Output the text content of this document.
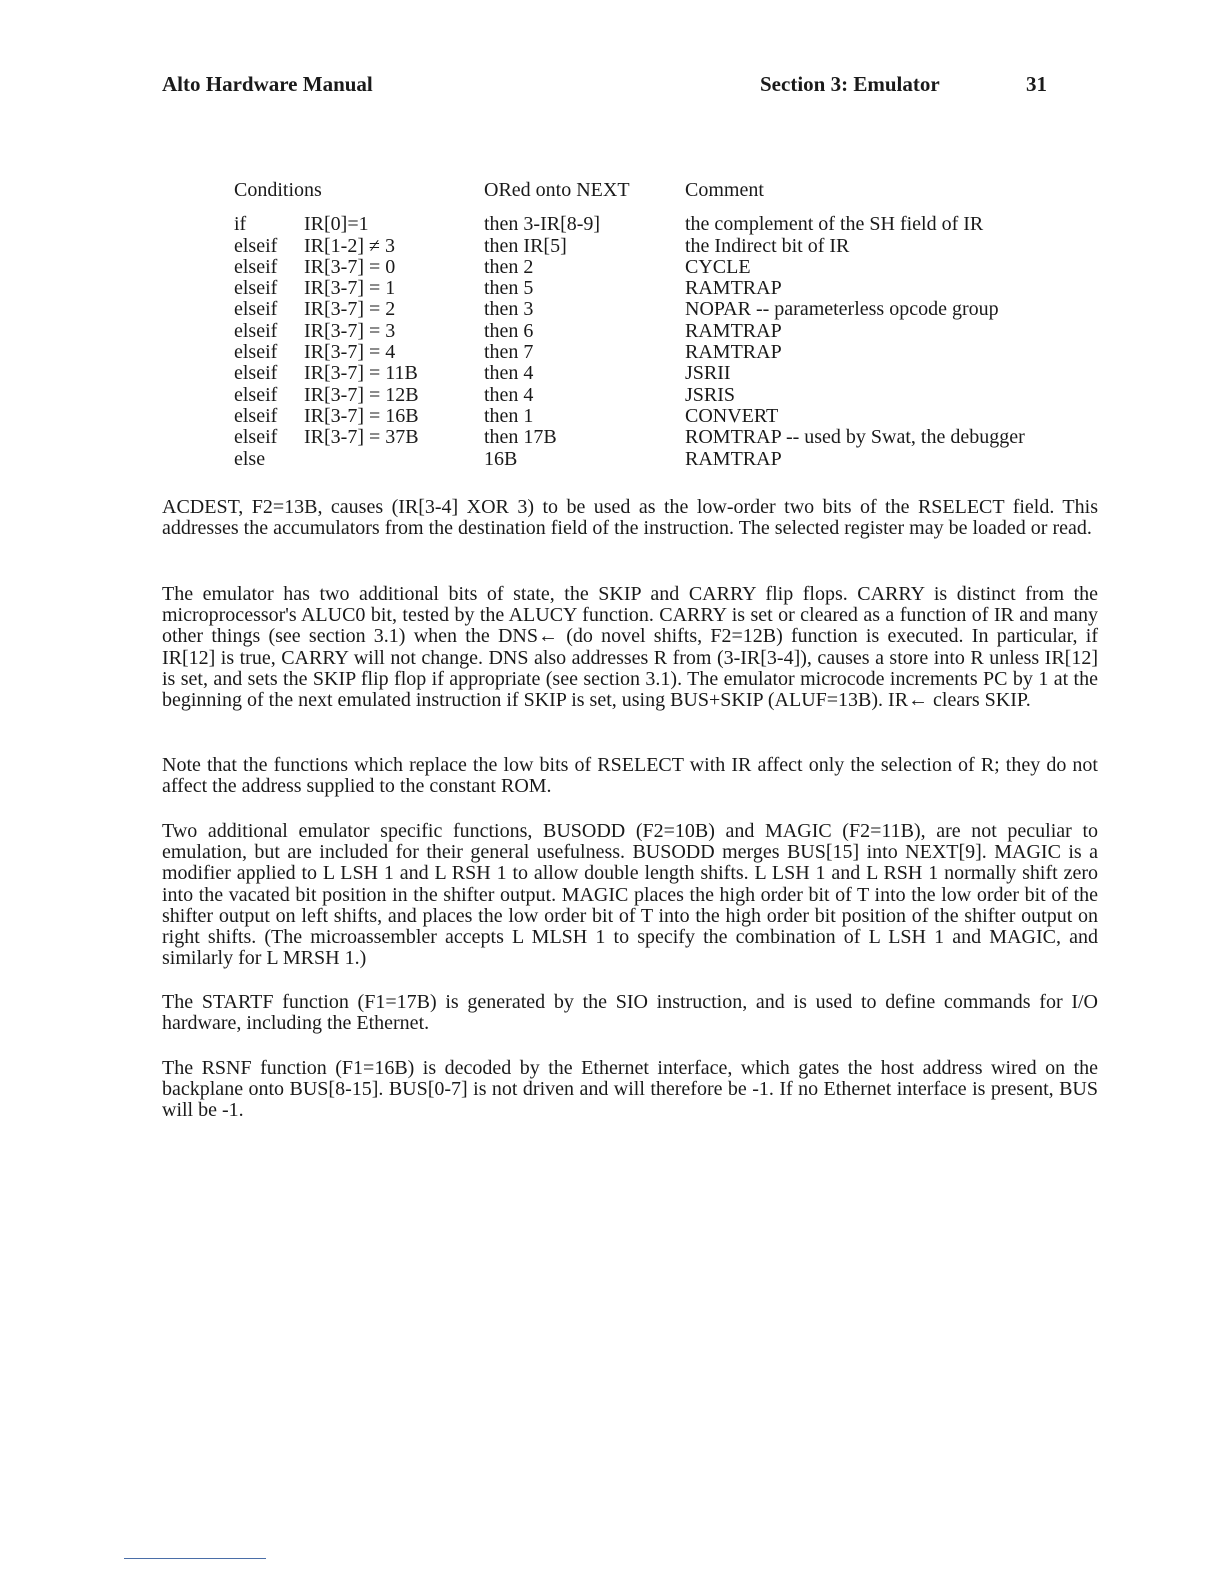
Alto Hardware Manual	Section 3: Emulator	31
Conditions		ORed onto NEXT	Comment
if	IR[0]=1	then 3-IR[8-9]	the complement of the SH field of IR
elseif	IR[1-2] ≠ 3	then IR[5]	the Indirect bit of IR
elseif	IR[3-7] = 0	then 2	CYCLE
elseif	IR[3-7] = 1	then 5	RAMTRAP
elseif	IR[3-7] = 2	then 3	NOPAR -- parameterless opcode group
elseif	IR[3-7] = 3	then 6	RAMTRAP
elseif	IR[3-7] = 4	then 7	RAMTRAP
elseif	IR[3-7] = 11B	then 4	JSRII
elseif	IR[3-7] = 12B	then 4	JSRIS
elseif	IR[3-7] = 16B	then 1	CONVERT
elseif	IR[3-7] = 37B	then 17B	ROMTRAP -- used by Swat, the debugger
else		16B	RAMTRAP

ACDEST, F2=13B, causes (IR[3-4] XOR 3) to be used as the low-order two bits of the RSELECT field. This addresses the accumulators from the destination field of the instruction. The selected register may be loaded or read.

The emulator has two additional bits of state, the SKIP and CARRY flip flops. CARRY is distinct from the microprocessor's ALUC0 bit, tested by the ALUCY function. CARRY is set or cleared as a function of IR and many other things (see section 3.1) when the DNS← (do novel shifts, F2=12B) function is executed. In particular, if IR[12] is true, CARRY will not change. DNS also addresses R from (3-IR[3-4]), causes a store into R unless IR[12] is set, and sets the SKIP flip flop if appropriate (see section 3.1). The emulator microcode increments PC by 1 at the beginning of the next emulated instruction if SKIP is set, using BUS+SKIP (ALUF=13B). IR← clears SKIP.

Note that the functions which replace the low bits of RSELECT with IR affect only the selection of R; they do not affect the address supplied to the constant ROM.

Two additional emulator specific functions, BUSODD (F2=10B) and MAGIC (F2=11B), are not peculiar to emulation, but are included for their general usefulness. BUSODD merges BUS[15] into NEXT[9]. MAGIC is a modifier applied to L LSH 1 and L RSH 1 to allow double length shifts. L LSH 1 and L RSH 1 normally shift zero into the vacated bit position in the shifter output. MAGIC places the high order bit of T into the low order bit of the shifter output on left shifts, and places the low order bit of T into the high order bit position of the shifter output on right shifts. (The microassembler accepts L MLSH 1 to specify the combination of L LSH 1 and MAGIC, and similarly for L MRSH 1.)

The STARTF function (F1=17B) is generated by the SIO instruction, and is used to define commands for I/O hardware, including the Ethernet.

The RSNF function (F1=16B) is decoded by the Ethernet interface, which gates the host address wired on the backplane onto BUS[8-15]. BUS[0-7] is not driven and will therefore be -1. If no Ethernet interface is present, BUS will be -1.
